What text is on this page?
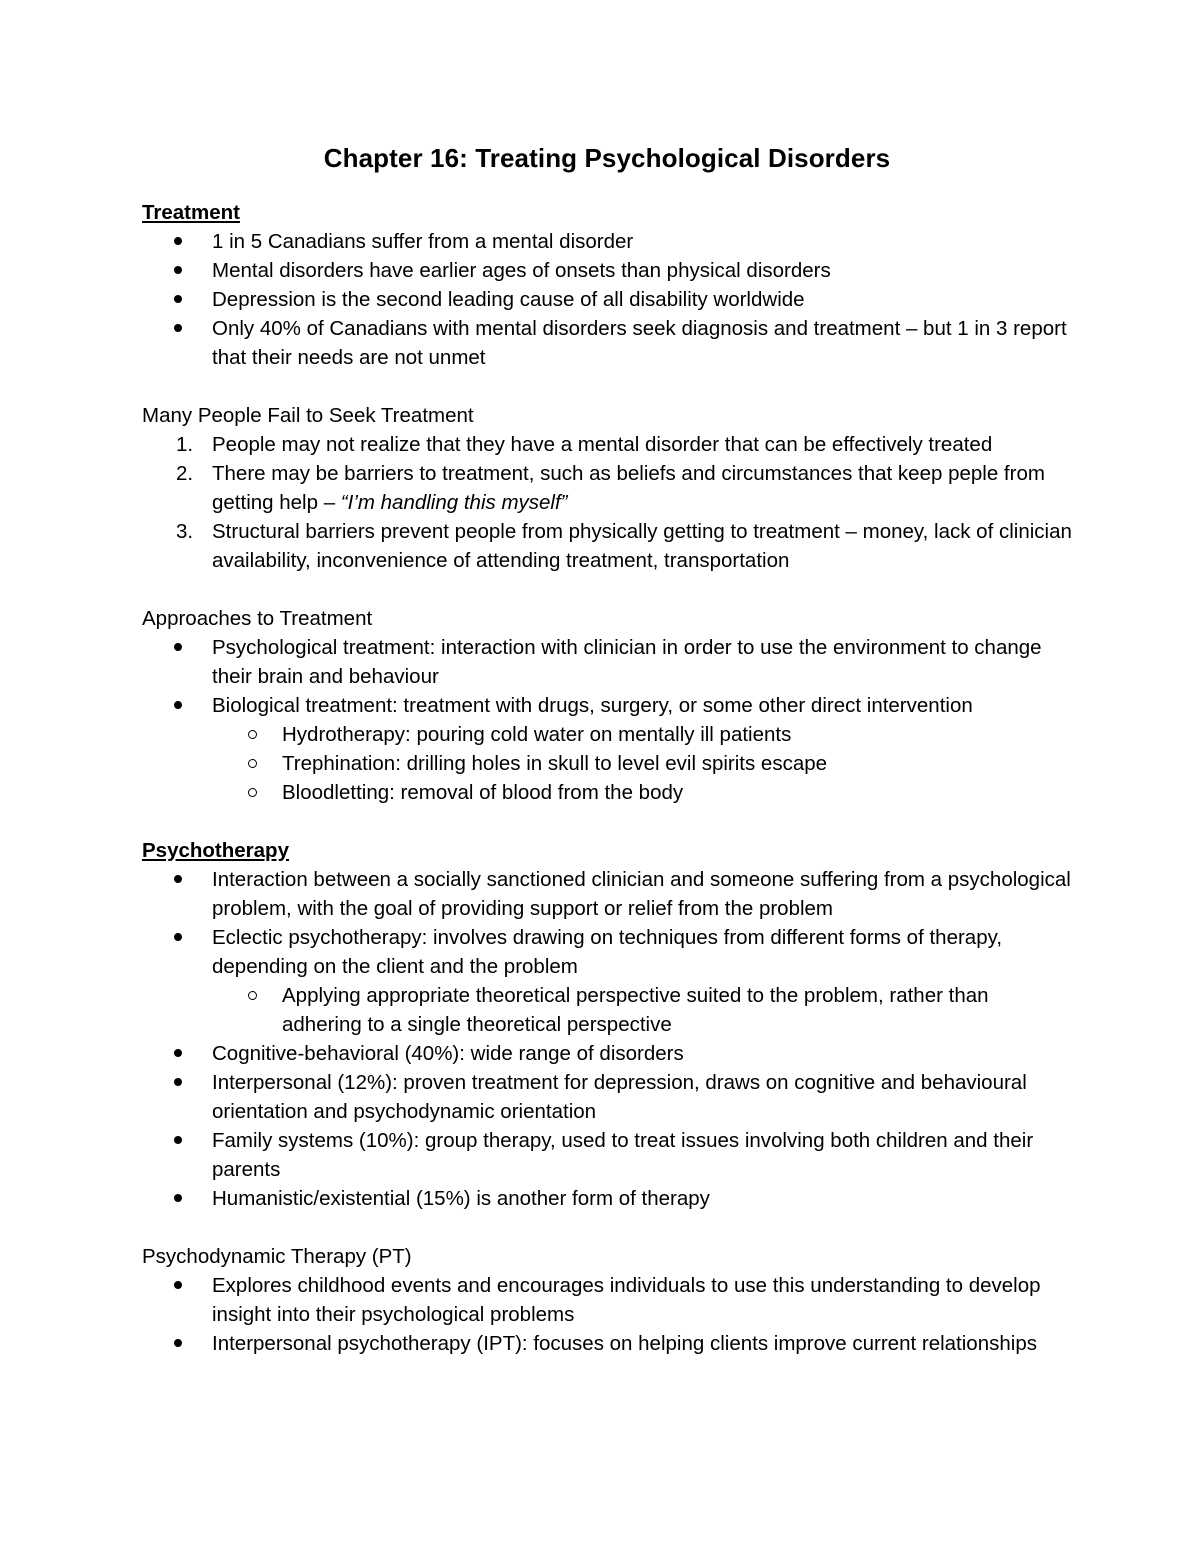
Chapter 16: Treating Psychological Disorders
Treatment
1 in 5 Canadians suffer from a mental disorder
Mental disorders have earlier ages of onsets than physical disorders
Depression is the second leading cause of all disability worldwide
Only 40% of Canadians with mental disorders seek diagnosis and treatment – but 1 in 3 report that their needs are not unmet
Many People Fail to Seek Treatment
1. People may not realize that they have a mental disorder that can be effectively treated
2. There may be barriers to treatment, such as beliefs and circumstances that keep peple from getting help – “I’m handling this myself”
3. Structural barriers prevent people from physically getting to treatment – money, lack of clinician availability, inconvenience of attending treatment, transportation
Approaches to Treatment
Psychological treatment: interaction with clinician in order to use the environment to change their brain and behaviour
Biological treatment: treatment with drugs, surgery, or some other direct intervention
Hydrotherapy: pouring cold water on mentally ill patients
Trephination: drilling holes in skull to level evil spirits escape
Bloodletting: removal of blood from the body
Psychotherapy
Interaction between a socially sanctioned clinician and someone suffering from a psychological problem, with the goal of providing support or relief from the problem
Eclectic psychotherapy: involves drawing on techniques from different forms of therapy, depending on the client and the problem
Applying appropriate theoretical perspective suited to the problem, rather than adhering to a single theoretical perspective
Cognitive-behavioral (40%): wide range of disorders
Interpersonal (12%): proven treatment for depression, draws on cognitive and behavioural orientation and psychodynamic orientation
Family systems (10%): group therapy, used to treat issues involving both children and their parents
Humanistic/existential (15%) is another form of therapy
Psychodynamic Therapy (PT)
Explores childhood events and encourages individuals to use this understanding to develop insight into their psychological problems
Interpersonal psychotherapy (IPT): focuses on helping clients improve current relationships
